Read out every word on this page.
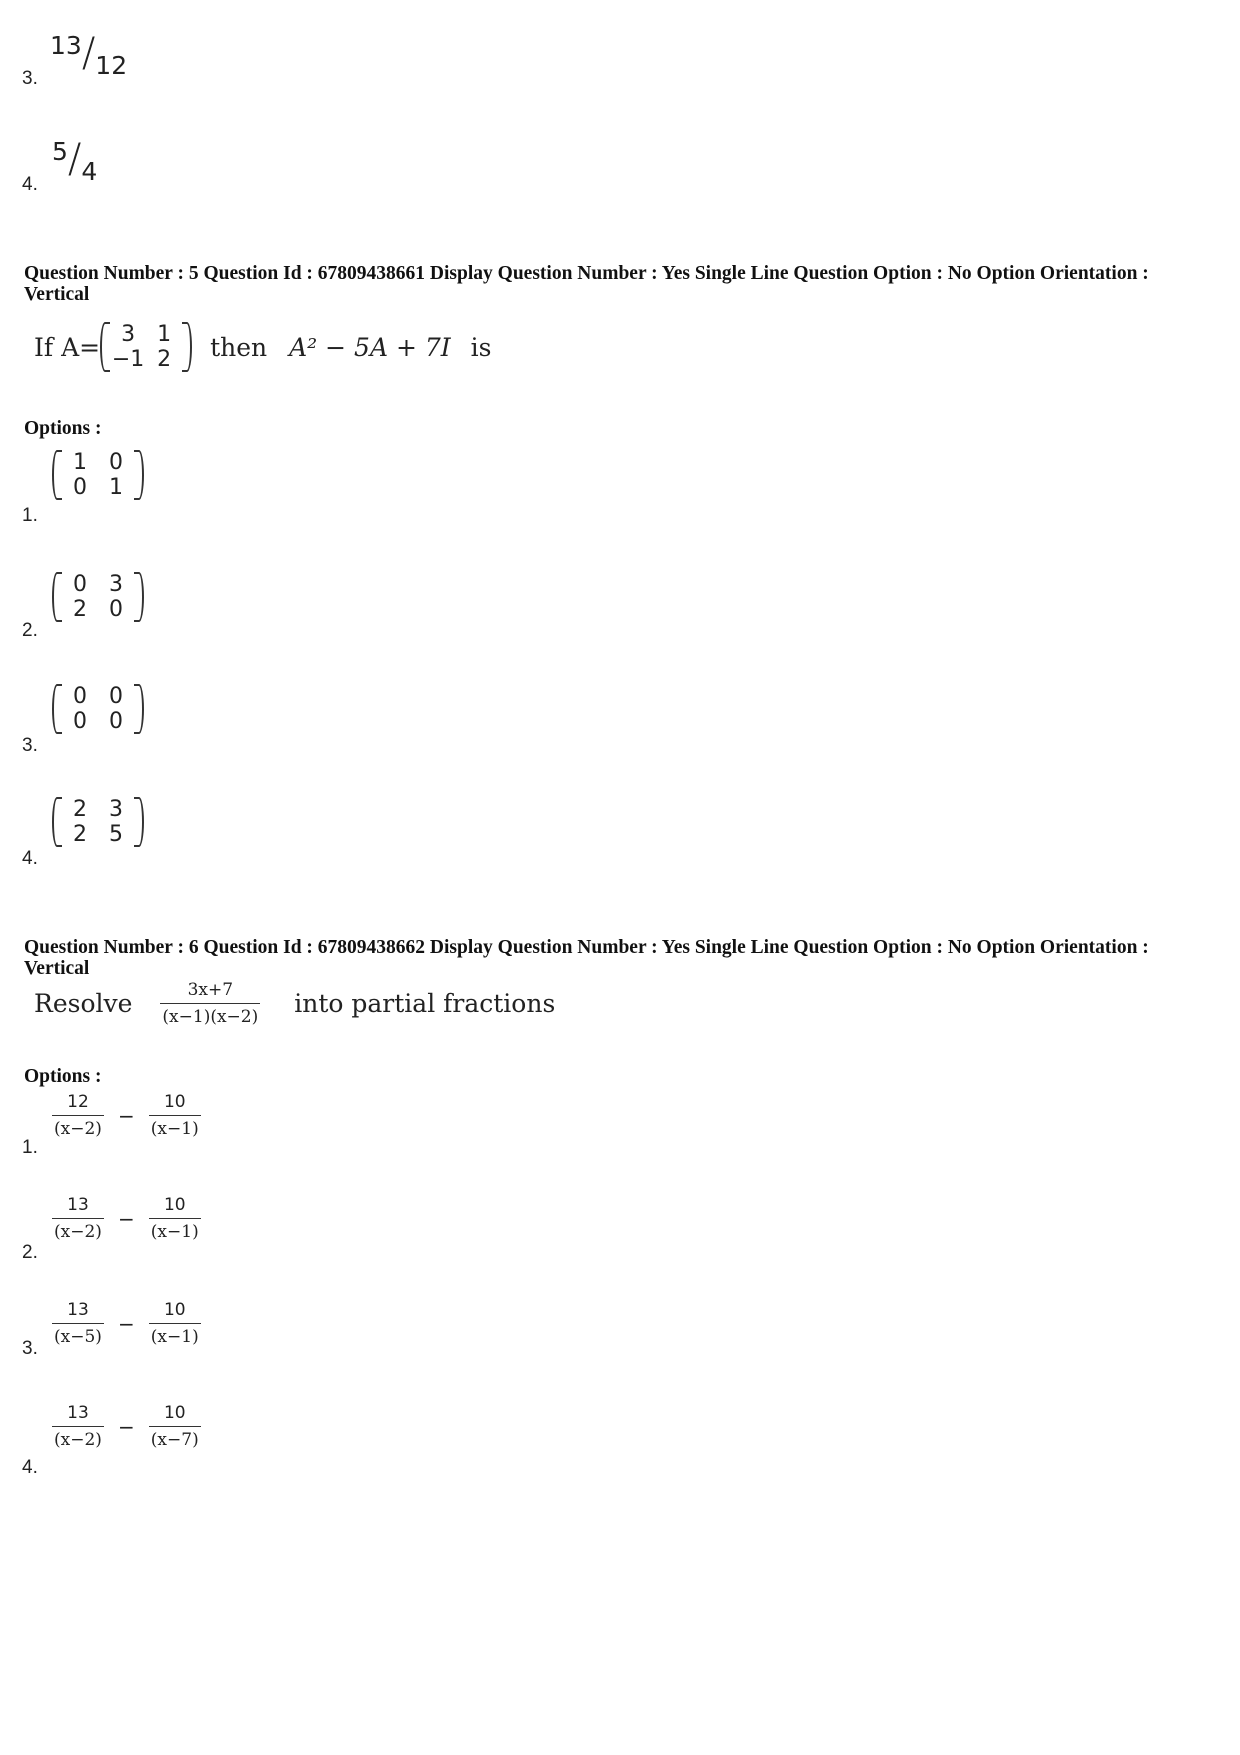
13/12
3.
5/4
4.
Question Number : 5 Question Id : 67809438661 Display Question Number : Yes Single Line Question Option : No Option Orientation : Vertical
If A= 3	1
−1 2	then A² − 5A + 7I is
Options :
1	0
0	1
1.
0	3
2	0
2.
0	0
0	0
3.
2	3
2	5
4.
Question Number : 6 Question Id : 67809438662 Display Question Number : Yes Single Line Question Option : No Option Orientation : Vertical
Resolve	3x+7
(x−1)(x−2) into partial fractions
Options :
12
(x−2)
− $\frac{10}{(x-1)}$
1.
13
(x−2)
− $\frac{10}{(x-1)}$
2.
13
(x−5)
− $\frac{10}{(x-1)}$
3.
13
(x−2)
− $\frac{10}{(x-7)}$
4.
